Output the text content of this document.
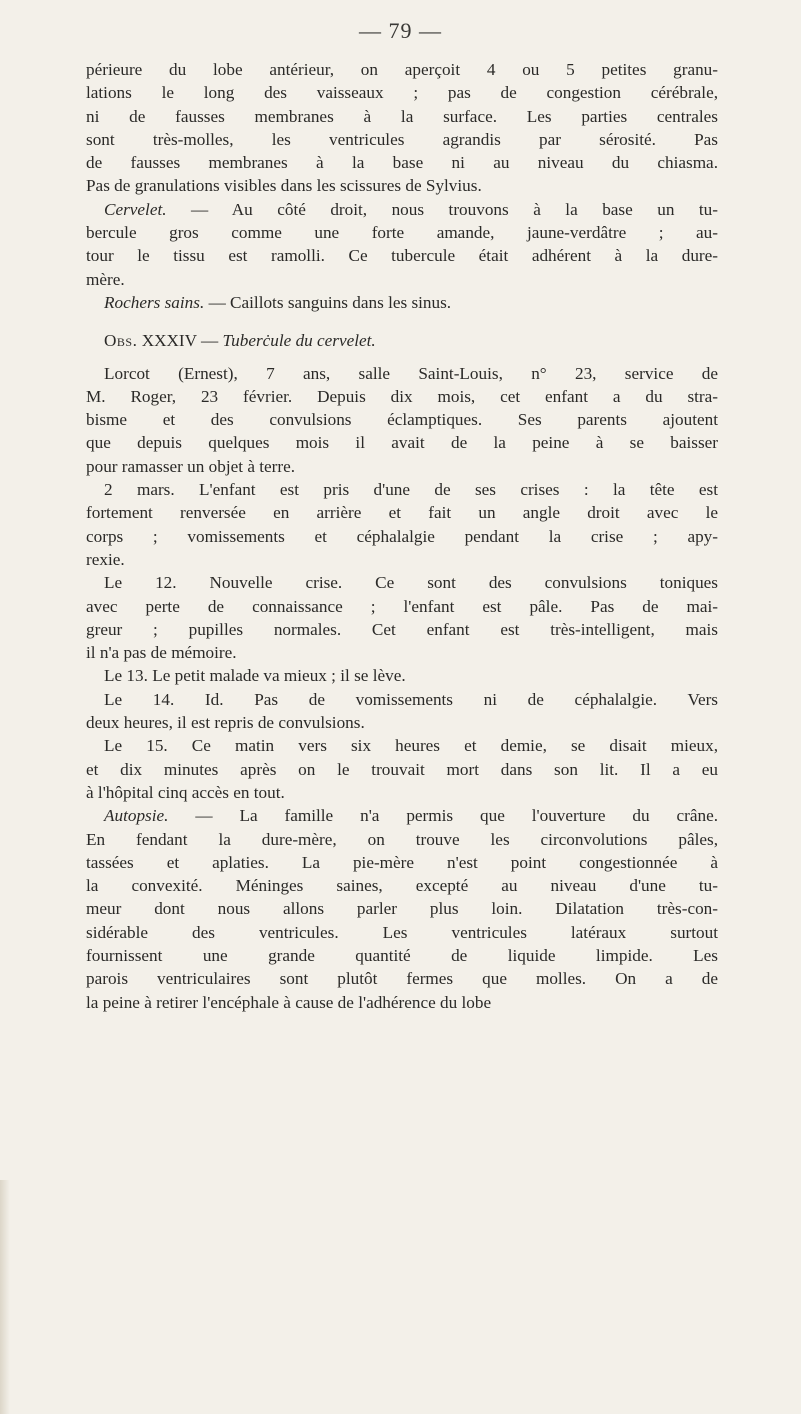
— 79 —
périeure du lobe antérieur, on aperçoit 4 ou 5 petites granu-
lations le long des vaisseaux ; pas de congestion cérébrale,
ni de fausses membranes à la surface. Les parties centrales
sont très-molles, les ventricules agrandis par sérosité. Pas
de fausses membranes à la base ni au niveau du chiasma.
Pas de granulations visibles dans les scissures de Sylvius.
Cervelet. — Au côté droit, nous trouvons à la base un tu-
bercule gros comme une forte amande, jaune-verdâtre ; au-
tour le tissu est ramolli. Ce tubercule était adhérent à la dure-
mère.
Rochers sains. — Caillots sanguins dans les sinus.
Obs. XXXIV — Tuberċule du cervelet.
Lorcot (Ernest), 7 ans, salle Saint-Louis, n° 23, service de
M. Roger, 23 février. Depuis dix mois, cet enfant a du stra-
bisme et des convulsions éclamptiques. Ses parents ajoutent
que depuis quelques mois il avait de la peine à se baisser
pour ramasser un objet à terre.
2 mars. L'enfant est pris d'une de ses crises : la tête est
fortement renversée en arrière et fait un angle droit avec le
corps ; vomissements et céphalalgie pendant la crise ; apy-
rexie.
Le 12. Nouvelle crise. Ce sont des convulsions toniques
avec perte de connaissance ; l'enfant est pâle. Pas de mai-
greur ; pupilles normales. Cet enfant est très-intelligent, mais
il n'a pas de mémoire.
Le 13. Le petit malade va mieux ; il se lève.
Le 14. Id. Pas de vomissements ni de céphalalgie. Vers
deux heures, il est repris de convulsions.
Le 15. Ce matin vers six heures et demie, se disait mieux,
et dix minutes après on le trouvait mort dans son lit. Il a eu
à l'hôpital cinq accès en tout.
Autopsie. — La famille n'a permis que l'ouverture du crâne.
En fendant la dure-mère, on trouve les circonvolutions pâles,
tassées et aplaties. La pie-mère n'est point congestionnée à
la convexité. Méninges saines, excepté au niveau d'une tu-
meur dont nous allons parler plus loin. Dilatation très-con-
sidérable des ventricules. Les ventricules latéraux surtout
fournissent une grande quantité de liquide limpide. Les
parois ventriculaires sont plutôt fermes que molles. On a de
la peine à retirer l'encéphale à cause de l'adhérence du lobe
